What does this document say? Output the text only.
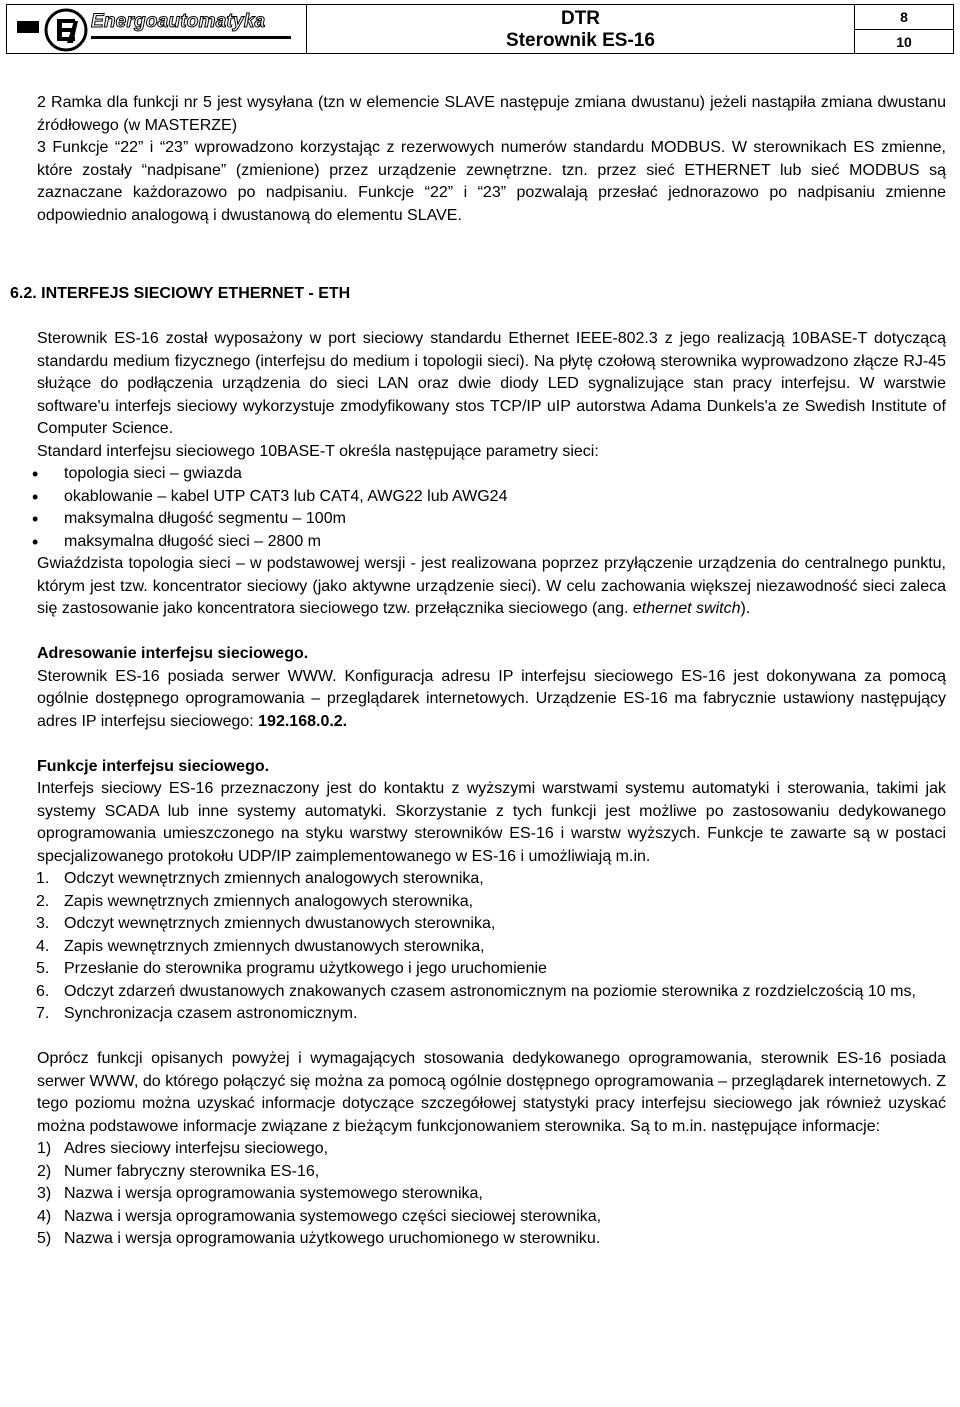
Energoautomatyka	DTR
Sterownik ES-16
8
10

2 Ramka dla funkcji nr 5 jest wysyłana (tzn w elemencie SLAVE następuje zmiana dwustanu) jeżeli nastąpiła zmiana dwustanu źródłowego (w MASTERZE)

3 Funkcje “22” i “23” wprowadzono korzystając z rezerwowych numerów standardu MODBUS. W sterownikach ES zmienne, które zostały “nadpisane” (zmienione) przez urządzenie zewnętrzne. tzn. przez sieć ETHERNET lub sieć MODBUS są zaznaczane każdorazowo po nadpisaniu. Funkcje “22” i “23” pozwalają przesłać jednorazowo po nadpisaniu zmienne odpowiednio analogową i dwustanową do elementu SLAVE.

6.2. INTERFEJS SIECIOWY ETHERNET - ETH

Sterownik ES-16 został wyposażony w port sieciowy standardu Ethernet IEEE-802.3 z jego realizacją 10BASE-T dotyczącą standardu medium fizycznego (interfejsu do medium i topologii sieci). Na płytę czołową sterownika wyprowadzono złącze RJ-45 służące do podłączenia urządzenia do sieci LAN oraz dwie diody LED sygnalizujące stan pracy interfejsu. W warstwie software'u interfejs sieciowy wykorzystuje zmodyfikowany stos TCP/IP uIP autorstwa Adama Dunkels'a ze Swedish Institute of Computer Science.

Standard interfejsu sieciowego 10BASE-T określa następujące parametry sieci:

• topologia sieci – gwiazda
• okablowanie – kabel UTP CAT3 lub CAT4, AWG22 lub AWG24
• maksymalna długość segmentu – 100m
• maksymalna długość sieci – 2800 m

Gwiaździsta topologia sieci – w podstawowej wersji - jest realizowana poprzez przyłączenie urządzenia do centralnego punktu, którym jest tzw. koncentrator sieciowy (jako aktywne urządzenie sieci). W celu zachowania większej niezawodność sieci zaleca się zastosowanie jako koncentratora sieciowego tzw. przełącznika sieciowego (ang. ethernet switch).

Adresowanie interfejsu sieciowego.

Sterownik ES-16 posiada serwer WWW. Konfiguracja adresu IP interfejsu sieciowego ES-16 jest dokonywana za pomocą ogólnie dostępnego oprogramowania – przeglądarek internetowych. Urządzenie ES-16 ma fabrycznie ustawiony następujący adres IP interfejsu sieciowego: 192.168.0.2.

Funkcje interfejsu sieciowego.

Interfejs sieciowy ES-16 przeznaczony jest do kontaktu z wyższymi warstwami systemu automatyki i sterowania, takimi jak systemy SCADA lub inne systemy automatyki. Skorzystanie z tych funkcji jest możliwe po zastosowaniu dedykowanego oprogramowania umieszczonego na styku warstwy sterowników ES-16 i warstw wyższych. Funkcje te zawarte są w postaci specjalizowanego protokołu UDP/IP zaimplementowanego w ES-16 i umożliwiają m.in.

1. Odczyt wewnętrznych zmiennych analogowych sterownika,
2. Zapis wewnętrznych zmiennych analogowych sterownika,
3. Odczyt wewnętrznych zmiennych dwustanowych sterownika,
4. Zapis wewnętrznych zmiennych dwustanowych sterownika,
5. Przesłanie do sterownika programu użytkowego i jego uruchomienie
6. Odczyt zdarzeń dwustanowych znakowanych czasem astronomicznym na poziomie sterownika z rozdzielczością 10 ms,
7. Synchronizacja czasem astronomicznym.

Oprócz funkcji opisanych powyżej i wymagających stosowania dedykowanego oprogramowania, sterownik ES-16 posiada serwer WWW, do którego połączyć się można za pomocą ogólnie dostępnego oprogramowania – przeglądarek internetowych. Z tego poziomu można uzyskać informacje dotyczące szczegółowej statystyki pracy interfejsu sieciowego jak również uzyskać można podstawowe informacje związane z bieżącym funkcjonowaniem sterownika. Są to m.in. następujące informacje:

1) Adres sieciowy interfejsu sieciowego,
2) Numer fabryczny sterownika ES-16,
3) Nazwa i wersja oprogramowania systemowego sterownika,
4) Nazwa i wersja oprogramowania systemowego części sieciowej sterownika,
5) Nazwa i wersja oprogramowania użytkowego uruchomionego w sterowniku.
